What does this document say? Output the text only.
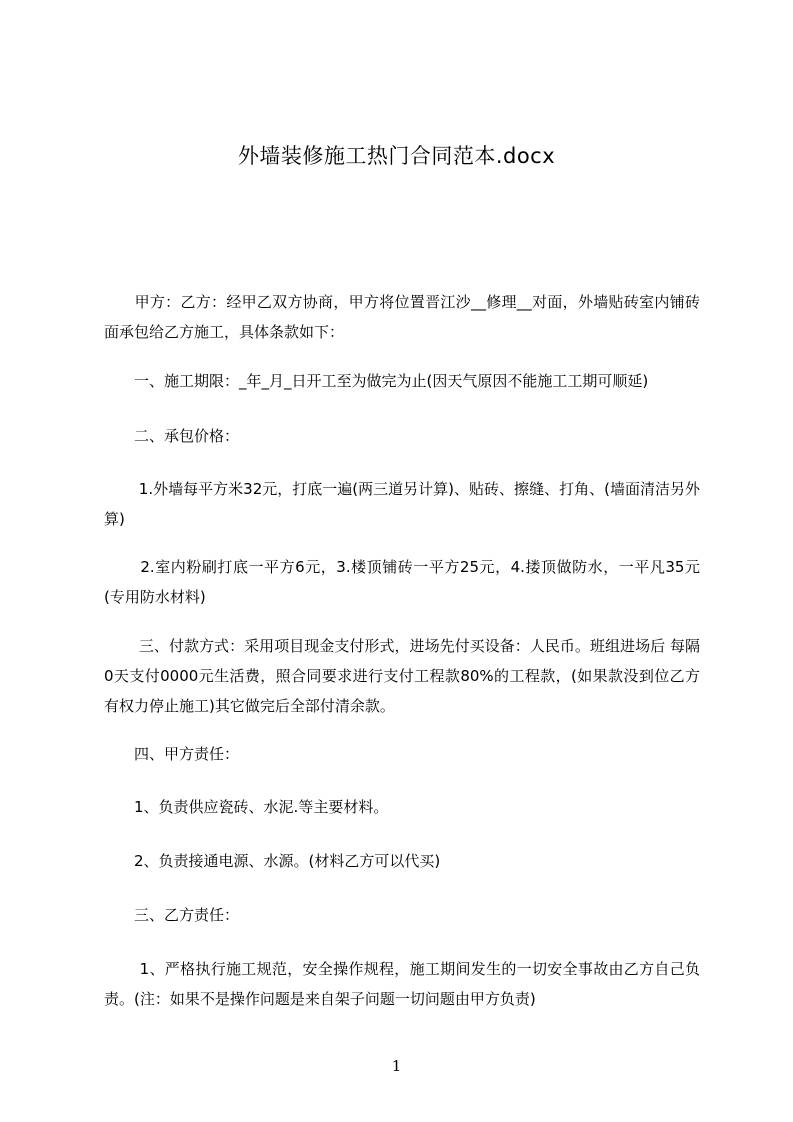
外墙装修施工热门合同范本.docx

　　甲方：乙方：经甲乙双方协商，甲方将位置晋江沙__修理__对面，外墙贴砖室内铺砖面承包给乙方施工，具体条款如下：

　　一、施工期限：_年_月_日开工至为做完为止(因天气原因不能施工工期可顺延)

　　二、承包价格：

　　 1.外墙每平方米32元，打底一遍(两三道另计算)、贴砖、擦缝、打角、(墙面清洁另外算)

　　 2.室内粉刷打底一平方6元，3.楼顶铺砖一平方25元，4.搂顶做防水，一平凡35元(专用防水材料)

　　 三、付款方式：采用项目现金支付形式，进场先付买设备：人民币。班组进场后 每隔0天支付0000元生活费，照合同要求进行支付工程款80%的工程款，(如果款没到位乙方有权力停止施工)其它做完后全部付清余款。

　　四、甲方责任：

　　1、负责供应瓷砖、水泥.等主要材料。

　　2、负责接通电源、水源。(材料乙方可以代买)

　　三、乙方责任：

　　 1、严格执行施工规范，安全操作规程，施工期间发生的一切安全事故由乙方自己负责。(注：如果不是操作问题是来自架子问题一切问题由甲方负责)

1
